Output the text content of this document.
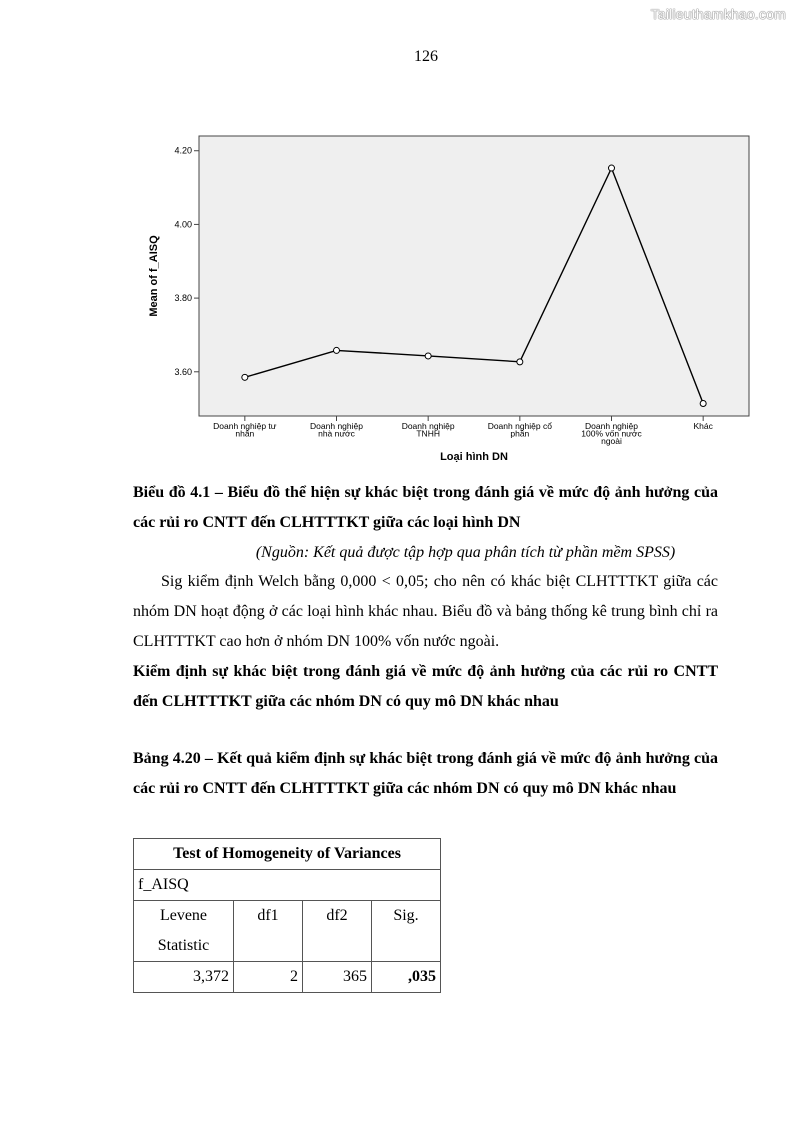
Tailieuthamkhao.com
126
3.60
3.80
4.00
4.20
Doanh nghiệp tư nhân
Doanh nghiệp nhà nước
Doanh nghiệp TNHH
Doanh nghiệp cổ phần
Doanh nghiệp 100% vốn nước ngoài
Khác
Mean of f_AISQ
Loại hình DN
Biểu đồ 4.1 – Biểu đồ thể hiện sự khác biệt trong đánh giá về mức độ ảnh hưởng của các rủi ro CNTT đến CLHTTTKT giữa các loại hình DN
(Nguồn: Kết quả được tập hợp qua phân tích từ phần mềm SPSS)
Sig kiểm định Welch bằng 0,000 < 0,05; cho nên có khác biệt CLHTTTKT giữa các nhóm DN hoạt động ở các loại hình khác nhau. Biểu đồ và bảng thống kê trung bình chỉ ra CLHTTTKT cao hơn ở nhóm DN 100% vốn nước ngoài.
Kiểm định sự khác biệt trong đánh giá về mức độ ảnh hưởng của các rủi ro CNTT đến CLHTTTKT giữa các nhóm DN có quy mô DN khác nhau
Bảng 4.20 – Kết quả kiểm định sự khác biệt trong đánh giá về mức độ ảnh hưởng của các rủi ro CNTT đến CLHTTTKT giữa các nhóm DN có quy mô DN khác nhau
Test of Homogeneity of Variances			
f_AISQ			
Levene Statistic	df1	df2	Sig.
3,372	2	365	,035
